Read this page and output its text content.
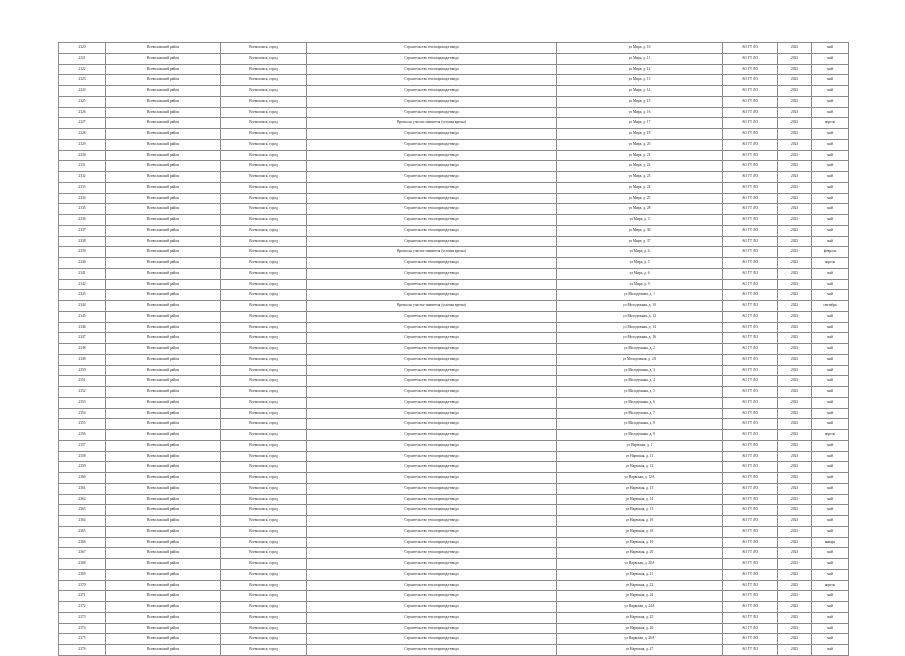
2320	Всеволожский район	Всеволожск, город	Строительство теплопровода-ввода	ул Мира, д. 10	АО ГТ ЛО	2023	май
2321	Всеволожский район	Всеволожск, город	Строительство теплопровода-ввода	ул Мира, д. 11	АО ГТ ЛО	2023	май
2322	Всеволожский район	Всеволожск, город	Строительство теплопровода-ввода	ул Мира, д. 12	АО ГТ ЛО	2023	май
2323	Всеволожский район	Всеволожск, город	Строительство теплопровода-ввода	ул Мира, д. 13	АО ГТ ЛО	2023	май
2324	Всеволожский район	Всеволожск, город	Строительство теплопровода-ввода	ул Мира, д. 14	АО ГТ ЛО	2023	май
2325	Всеволожский район	Всеволожск, город	Строительство теплопровода-ввода	ул Мира, д. 15	АО ГТ ЛО	2023	май
2326	Всеволожский район	Всеволожск, город	Строительство теплопровода-ввода	ул Мира, д. 16	АО ГТ ЛО	2023	май
2327	Всеволожский район	Всеволожск, город	Врезка на участке заявителя (угловая врезка)	ул Мира, д. 17	АО ГТ ЛО	2023	апрель
2328	Всеволожский район	Всеволожск, город	Строительство теплопровода-ввода	ул Мира, д. 18	АО ГТ ЛО	2023	май
2329	Всеволожский район	Всеволожск, город	Строительство теплопровода-ввода	ул Мира, д. 20	АО ГТ ЛО	2023	май
2330	Всеволожский район	Всеволожск, город	Строительство теплопровода-ввода	ул Мира, д. 21	АО ГТ ЛО	2023	май
2331	Всеволожский район	Всеволожск, город	Строительство теплопровода-ввода	ул Мира, д. 22	АО ГТ ЛО	2023	май
2332	Всеволожский район	Всеволожск, город	Строительство теплопровода-ввода	ул Мира, д. 23	АО ГТ ЛО	2023	май
2333	Всеволожский район	Всеволожск, город	Строительство теплопровода-ввода	ул Мира, д. 24	АО ГТ ЛО	2023	май
2334	Всеволожский район	Всеволожск, город	Строительство теплопровода-ввода	ул Мира, д. 25	АО ГТ ЛО	2023	май
2335	Всеволожский район	Всеволожск, город	Строительство теплопровода-ввода	ул Мира, д. 28	АО ГТ ЛО	2023	май
2336	Всеволожский район	Всеволожск, город	Строительство теплопровода-ввода	ул Мира, д. 3	АО ГТ ЛО	2023	май
2337	Всеволожский район	Всеволожск, город	Строительство теплопровода-ввода	ул Мира, д. 30	АО ГТ ЛО	2023	май
2338	Всеволожский район	Всеволожск, город	Строительство теплопровода-ввода	ул Мира, д. 37	АО ГТ ЛО	2023	май
2339	Всеволожский район	Всеволожск, город	Врезка на участке заявителя (угловая врезка)	ул Мира, д. 4	АО ГТ ЛО	2023	февраль
2340	Всеволожский район	Всеволожск, город	Строительство теплопровода-ввода	ул Мира, д. 5	АО ГТ ЛО	2023	апрель
2341	Всеволожский район	Всеволожск, город	Строительство теплопровода-ввода	ул Мира, д. 6	АО ГТ ЛО	2023	май
2342	Всеволожский район	Всеволожск, город	Строительство теплопровода-ввода	ул Мира, д. 9	АО ГТ ЛО	2023	май
2343	Всеволожский район	Всеволожск, город	Строительство теплопровода-ввода	ул Молодежная, д. 1	АО ГТ ЛО	2023	май
2344	Всеволожский район	Всеволожск, город	Врезка на участке заявителя (угловая врезка)	ул Молодежная, д. 10	АО ГТ ЛО	2022	сентябрь
2345	Всеволожский район	Всеволожск, город	Строительство теплопровода-ввода	ул Молодежная, д. 12	АО ГТ ЛО	2023	май
2346	Всеволожский район	Всеволожск, город	Строительство теплопровода-ввода	ул Молодежная, д. 14	АО ГТ ЛО	2023	май
2347	Всеволожский район	Всеволожск, город	Строительство теплопровода-ввода	ул Молодежная, д. 16	АО ГТ ЛО	2023	май
2348	Всеволожский район	Всеволожск, город	Строительство теплопровода-ввода	ул Молодежная, д. 2	АО ГТ ЛО	2023	май
2349	Всеволожский район	Всеволожск, город	Строительство теплопровода-ввода	ул Молодежная, д. 2А	АО ГТ ЛО	2023	май
2350	Всеволожский район	Всеволожск, город	Строительство теплопровода-ввода	ул Молодежная, д. 3	АО ГТ ЛО	2023	май
2351	Всеволожский район	Всеволожск, город	Строительство теплопровода-ввода	ул Молодежная, д. 4	АО ГТ ЛО	2023	май
2352	Всеволожский район	Всеволожск, город	Строительство теплопровода-ввода	ул Молодежная, д. 5	АО ГТ ЛО	2023	май
2353	Всеволожский район	Всеволожск, город	Строительство теплопровода-ввода	ул Молодежная, д. 6	АО ГТ ЛО	2023	май
2354	Всеволожский район	Всеволожск, город	Строительство теплопровода-ввода	ул Молодежная, д. 7	АО ГТ ЛО	2023	май
2355	Всеволожский район	Всеволожск, город	Строительство теплопровода-ввода	ул Молодежная, д. 8	АО ГТ ЛО	2023	май
2356	Всеволожский район	Всеволожск, город	Строительство теплопровода-ввода	ул Молодежная, д. 9	АО ГТ ЛО	2023	апрель
2357	Всеволожский район	Всеволожск, город	Строительство теплопровода-ввода	ул Нарвская, д. 1	АО ГТ ЛО	2023	май
2358	Всеволожский район	Всеволожск, город	Строительство теплопровода-ввода	ул Нарвская, д. 11	АО ГТ ЛО	2023	май
2359	Всеволожский район	Всеволожск, город	Строительство теплопровода-ввода	ул Нарвская, д. 12	АО ГТ ЛО	2023	май
2360	Всеволожский район	Всеволожск, город	Строительство теплопровода-ввода	ул Нарвская, д. 12А	АО ГТ ЛО	2023	май
2361	Всеволожский район	Всеволожск, город	Строительство теплопровода-ввода	ул Нарвская, д. 13	АО ГТ ЛО	2023	май
2362	Всеволожский район	Всеволожск, город	Строительство теплопровода-ввода	ул Нарвская, д. 14	АО ГТ ЛО	2023	май
2363	Всеволожский район	Всеволожск, город	Строительство теплопровода-ввода	ул Нарвская, д. 15	АО ГТ ЛО	2023	май
2364	Всеволожский район	Всеволожск, город	Строительство теплопровода-ввода	ул Нарвская, д. 16	АО ГТ ЛО	2023	май
2365	Всеволожский район	Всеволожск, город	Строительство теплопровода-ввода	ул Нарвская, д. 18	АО ГТ ЛО	2023	май
2366	Всеволожский район	Всеволожск, город	Строительство теплопровода-ввода	ул Нарвская, д. 19	АО ГТ ЛО	2023	январь
2367	Всеволожский район	Всеволожск, город	Строительство теплопровода-ввода	ул Нарвская, д. 20	АО ГТ ЛО	2023	май
2368	Всеволожский район	Всеволожск, город	Строительство теплопровода-ввода	ул Нарвская, д. 20А	АО ГТ ЛО	2023	май
2369	Всеволожский район	Всеволожск, город	Строительство теплопровода-ввода	ул Нарвская, д. 21	АО ГТ ЛО	2023	май
2370	Всеволожский район	Всеволожск, город	Строительство теплопровода-ввода	ул Нарвская, д. 22	АО ГТ ЛО	2023	апрель
2371	Всеволожский район	Всеволожск, город	Строительство теплопровода-ввода	ул Нарвская, д. 24	АО ГТ ЛО	2023	май
2372	Всеволожский район	Всеволожск, город	Строительство теплопровода-ввода	ул Нарвская, д. 24А	АО ГТ ЛО	2023	май
2373	Всеволожский район	Всеволожск, город	Строительство теплопровода-ввода	ул Нарвская, д. 25	АО ГТ ЛО	2023	май
2374	Всеволожский район	Всеволожск, город	Строительство теплопровода-ввода	ул Нарвская, д. 26	АО ГТ ЛО	2023	май
2375	Всеволожский район	Всеволожск, город	Строительство теплопровода-ввода	ул Нарвская, д. 26А	АО ГТ ЛО	2023	май
2376	Всеволожский район	Всеволожск, город	Строительство теплопровода-ввода	ул Нарвская, д. 27	АО ГТ ЛО	2023	май
